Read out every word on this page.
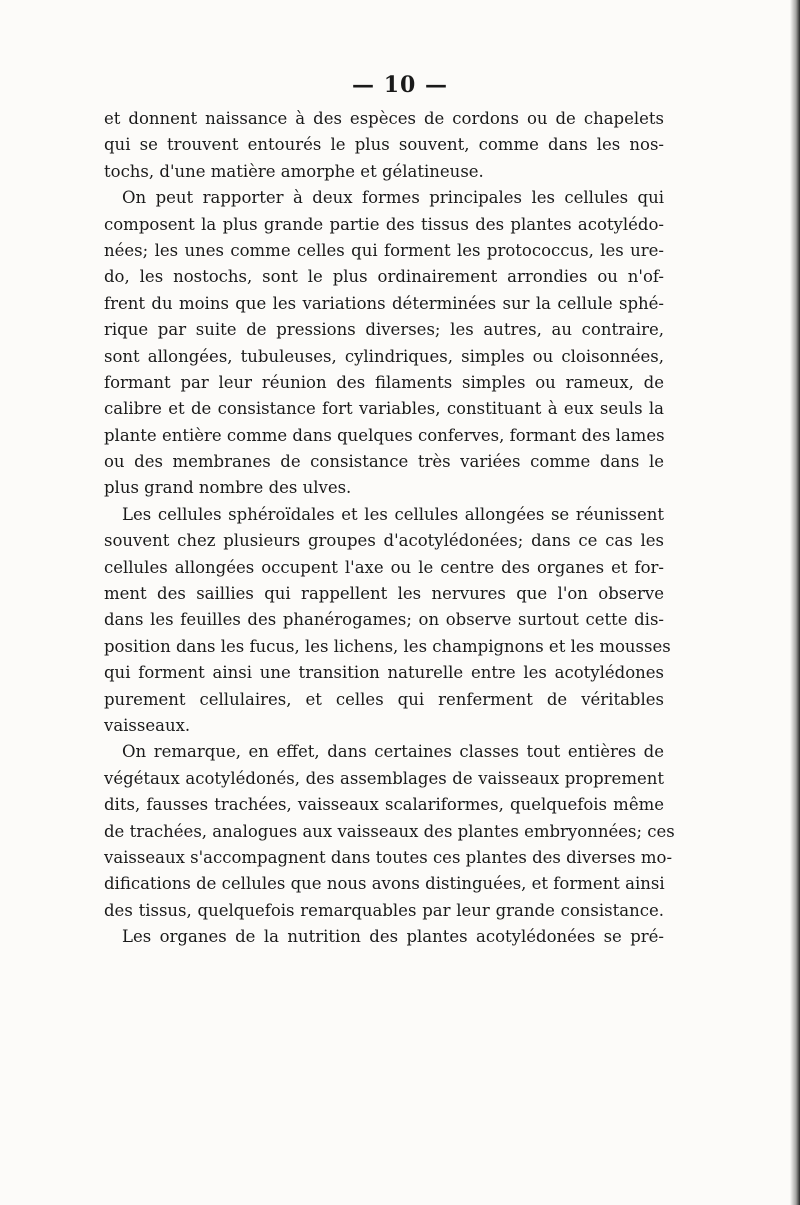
— 10 —
et donnent naissance à des espèces de cordons ou de chapelets
qui se trouvent entourés le plus souvent, comme dans les nos-
tochs, d'une matière amorphe et gélatineuse.
On peut rapporter à deux formes principales les cellules qui
composent la plus grande partie des tissus des plantes acotylédo-
nées; les unes comme celles qui forment les protococcus, les ure-
do, les nostochs, sont le plus ordinairement arrondies ou n'of-
frent du moins que les variations déterminées sur la cellule sphé-
rique par suite de pressions diverses; les autres, au contraire,
sont allongées, tubuleuses, cylindriques, simples ou cloisonnées,
formant par leur réunion des filaments simples ou rameux, de
calibre et de consistance fort variables, constituant à eux seuls la
plante entière comme dans quelques conferves, formant des lames
ou des membranes de consistance très variées comme dans le
plus grand nombre des ulves.
Les cellules sphéroïdales et les cellules allongées se réunissent
souvent chez plusieurs groupes d'acotylédonées; dans ce cas les
cellules allongées occupent l'axe ou le centre des organes et for-
ment des saillies qui rappellent les nervures que l'on observe
dans les feuilles des phanérogames; on observe surtout cette dis-
position dans les fucus, les lichens, les champignons et les mousses
qui forment ainsi une transition naturelle entre les acotylédones
purement cellulaires, et celles qui renferment de véritables
vaisseaux.
On remarque, en effet, dans certaines classes tout entières de
végétaux acotylédonés, des assemblages de vaisseaux proprement
dits, fausses trachées, vaisseaux scalariformes, quelquefois même
de trachées, analogues aux vaisseaux des plantes embryonnées; ces
vaisseaux s'accompagnent dans toutes ces plantes des diverses mo-
difications de cellules que nous avons distinguées, et forment ainsi
des tissus, quelquefois remarquables par leur grande consistance.
Les organes de la nutrition des plantes acotylédonées se pré-
